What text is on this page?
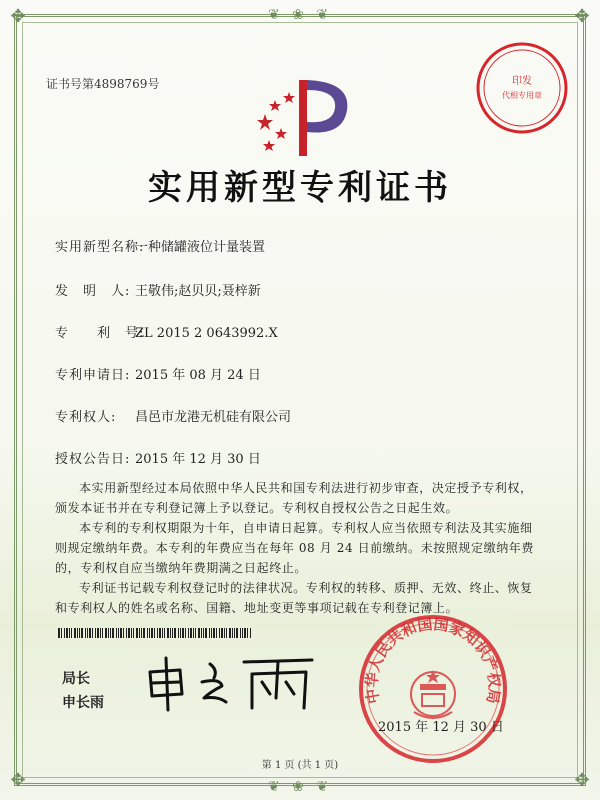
❦ ❀ ❦
❦ ❀ ❦
✥	✥
✥	✥
证书号第4898769号	印发
代相专用章
实用新型专利证书
实用新型名称:一种储罐液位计量装置
发　明　人: 王敬伟;赵贝贝;聂梓新
专　　利　号:ZL 2015 2 0643992.X
专利申请日: 2015 年 08 月 24 日
专利权人: 昌邑市龙港无机硅有限公司
授权公告日: 2015 年 12 月 30 日
本实用新型经过本局依照中华人民共和国专利法进行初步审查，决定授予专利权，颁发本证书并在专利登记簿上予以登记。专利权自授权公告之日起生效。
本专利的专利权期限为十年，自申请日起算。专利权人应当依照专利法及其实施细则规定缴纳年费。本专利的年费应当在每年 08 月 24 日前缴纳。未按照规定缴纳年费的，专利权自应当缴纳年费期满之日起终止。
专利证书记载专利权登记时的法律状况。专利权的转移、质押、无效、终止、恢复和专利权人的姓名或名称、国籍、地址变更等事项记载在专利登记簿上。
局长
申长雨	中华人民共和国国家知识产权局
2015 年 12 月 30 日
第 1 页 (共 1 页)
